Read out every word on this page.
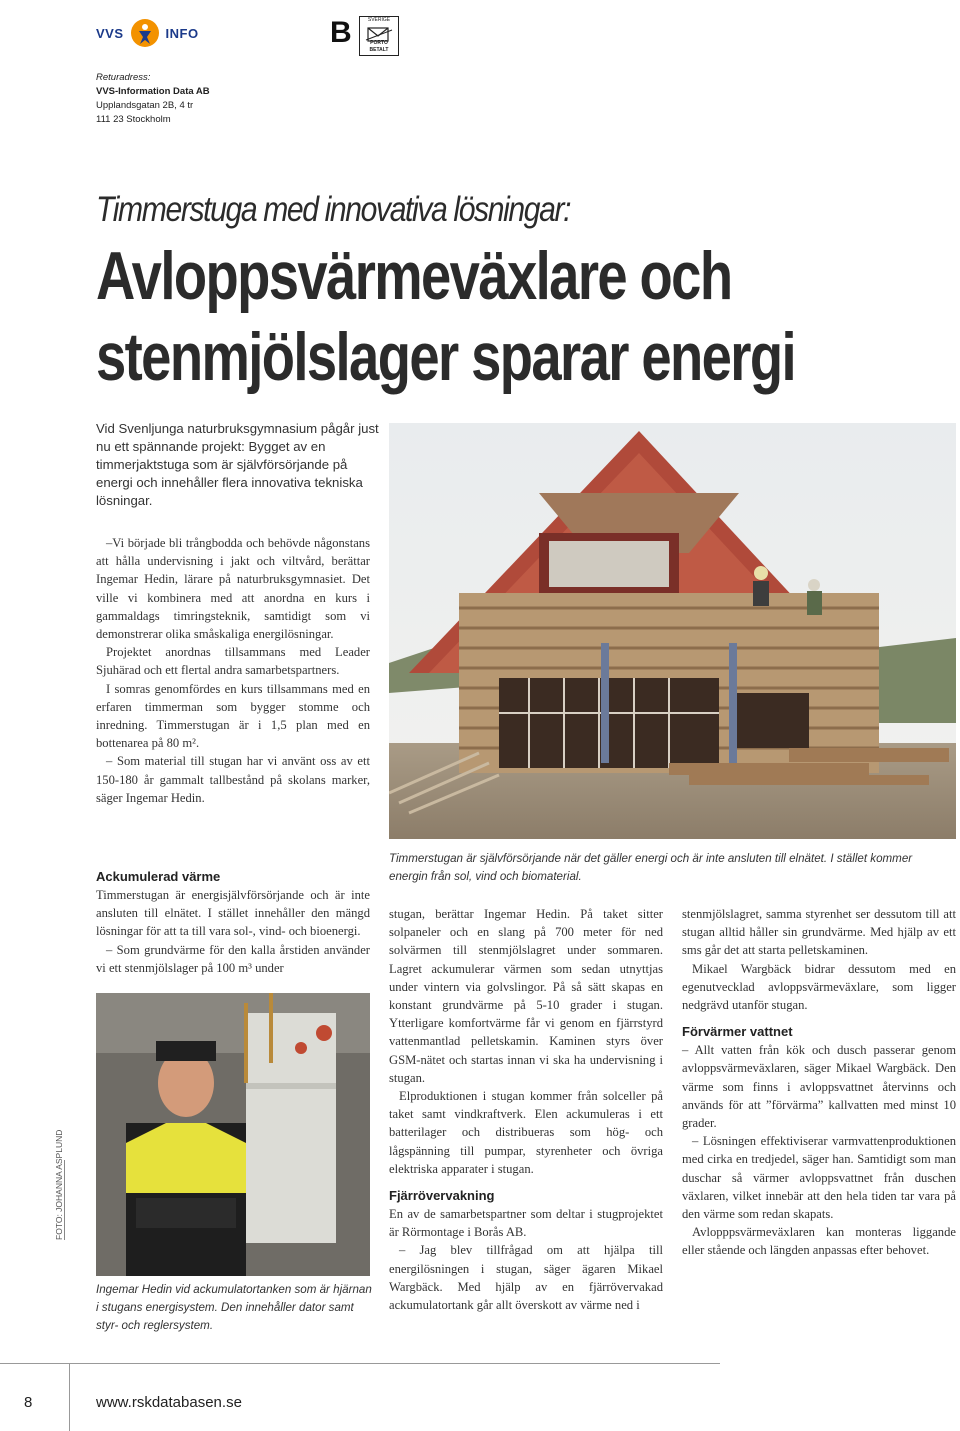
VVS	INFO	B	SVERIGE
PORTO BETALT
Returadress:
VVS-Information Data AB
Upplandsgatan 2B, 4 tr
111 23 Stockholm
Timmerstuga med innovativa lösningar:
Avloppsvärmeväxlare och
stenmjölslager sparar energi
Vid Svenljunga naturbruksgymnasium pågår just nu ett spännande projekt: Bygget av en timmerjaktstuga som är självförsörjande på energi och innehåller flera innovativa tekniska lösningar.

–Vi började bli trångbodda och behövde någonstans att hålla undervisning i jakt och viltvård, berättar Ingemar Hedin, lärare på naturbruksgymnasiet. Det ville vi kombinera med att anordna en kurs i gammaldags timringsteknik, samtidigt som vi demonstrerar olika småskaliga energilösningar.

Projektet anordnas tillsammans med Leader Sjuhärad och ett flertal andra samarbetspartners.

I somras genomfördes en kurs tillsammans med en erfaren timmerman som bygger stomme och inredning. Timmerstugan är i 1,5 plan med en bottenarea på 80 m².

– Som material till stugan har vi använt oss av ett 150-180 år gammalt tallbestånd på skolans marker, säger Ingemar Hedin.

Timmerstugan är självförsörjande när det gäller energi och är inte ansluten till elnätet. I stället kommer energin från sol, vind och biomaterial.

Ackumulerad värme

Timmerstugan är energisjälvförsörjande och är inte ansluten till elnätet. I stället innehåller den mängd lösningar för att ta till vara sol-, vind- och bioenergi.

– Som grundvärme för den kalla årstiden använder vi ett stenmjölslager på 100 m³ under

Ingemar Hedin vid ackumulatortanken som är hjärnan i stugans energisystem. Den innehåller dator samt styr- och reglersystem.
FOTO: JOHANNA ASPLUND

stugan, berättar Ingemar Hedin. På taket sitter solpaneler och en slang på 700 meter för ned solvärmen till stenmjölslagret under sommaren. Lagret ackumulerar värmen som sedan utnyttjas under vintern via golvslingor. På så sätt skapas en konstant grundvärme på 5-10 grader i stugan. Ytterligare komfortvärme får vi genom en fjärrstyrd vattenmantlad pelletskamin. Kaminen styrs över GSM-nätet och startas innan vi ska ha undervisning i stugan.

Elproduktionen i stugan kommer från solceller på taket samt vindkraftverk. Elen ackumuleras i ett batterilager och distribueras som hög- och lågspänning till pumpar, styrenheter och övriga elektriska apparater i stugan.

Fjärrövervakning

En av de samarbetspartner som deltar i stugprojektet är Rörmontage i Borås AB.

– Jag blev tillfrågad om att hjälpa till energilösningen i stugan, säger ägaren Mikael Wargbäck. Med hjälp av en fjärrövervakad ackumulatortank går allt överskott av värme ned i

stenmjölslagret, samma styrenhet ser dessutom till att stugan alltid håller sin grundvärme. Med hjälp av ett sms går det att starta pelletskaminen.

Mikael Wargbäck bidrar dessutom med en egenutvecklad avloppsvärmeväxlare, som ligger nedgrävd utanför stugan.

Förvärmer vattnet

– Allt vatten från kök och dusch passerar genom avloppsvärmeväxlaren, säger Mikael Wargbäck. Den värme som finns i avloppsvattnet återvinns och används för att ”förvärma” kallvatten med minst 10 grader.

– Lösningen effektiviserar varmvattenproduktionen med cirka en tredjedel, säger han. Samtidigt som man duschar så värmer avloppsvattnet från duschen växlaren, vilket innebär att den hela tiden tar vara på den värme som redan skapats.

Avlopppsvärmeväxlaren kan monteras liggande eller stående och längden anpassas efter behovet.

8	www.rskdatabasen.se
